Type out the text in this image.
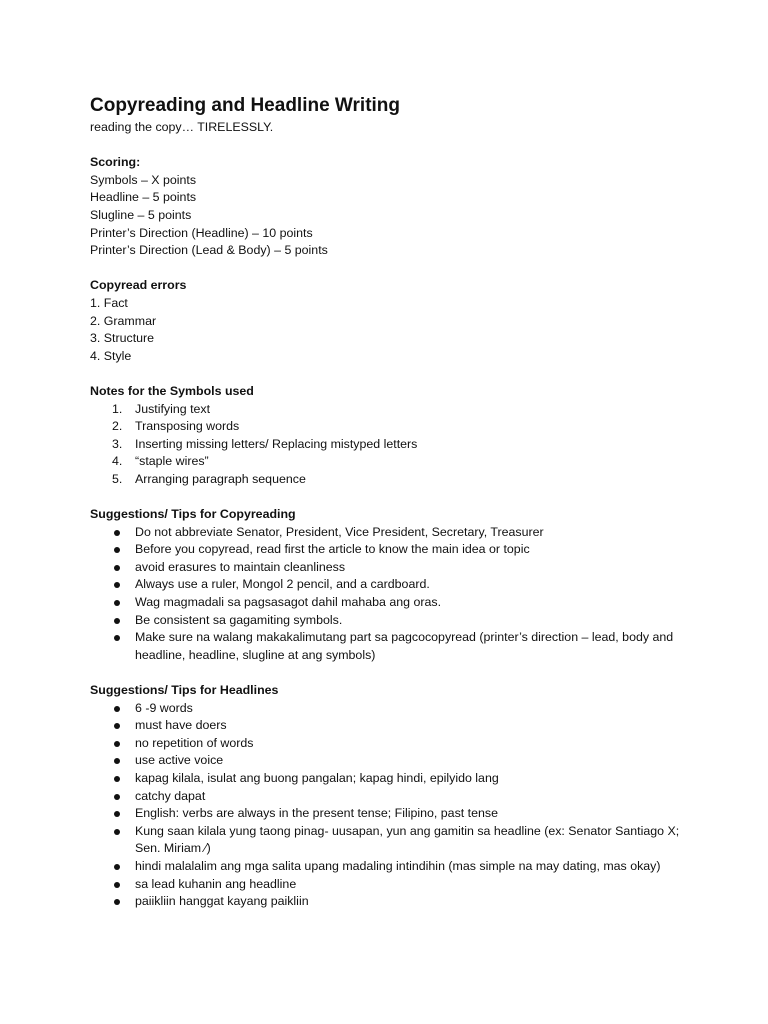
Copyreading and Headline Writing
reading the copy… TIRELESSLY.
Scoring:
Symbols – X points
Headline – 5 points
Slugline – 5 points
Printer’s Direction (Headline) – 10 points
Printer’s Direction (Lead & Body) – 5 points
Copyread errors
1. Fact
2. Grammar
3. Structure
4. Style
Notes for the Symbols used
1. Justifying text
2. Transposing words
3. Inserting missing letters/ Replacing mistyped letters
4. “staple wires”
5. Arranging paragraph sequence
Suggestions/ Tips for Copyreading
Do not abbreviate Senator, President, Vice President, Secretary, Treasurer
Before you copyread, read first the article to know the main idea or topic
avoid erasures to maintain cleanliness
Always use a ruler, Mongol 2 pencil, and a cardboard.
Wag magmadali sa pagsasagot dahil mahaba ang oras.
Be consistent sa gagamiting symbols.
Make sure na walang makakalimutang part sa pagcocopyread (printer’s direction – lead, body and headline, headline, slugline at ang symbols)
Suggestions/ Tips for Headlines
6 -9 words
must have doers
no repetition of words
use active voice
kapag kilala, isulat ang buong pangalan; kapag hindi, epilyido lang
catchy dapat
English: verbs are always in the present tense; Filipino, past tense
Kung saan kilala yung taong pinag- uusapan, yun ang gamitin sa headline (ex: Senator Santiago X; Sen. Miriam ⁄)
hindi malalalim ang mga salita upang madaling intindihin (mas simple na may dating, mas okay)
sa lead kuhanin ang headline
paiikliin hanggat kayang paikliin
